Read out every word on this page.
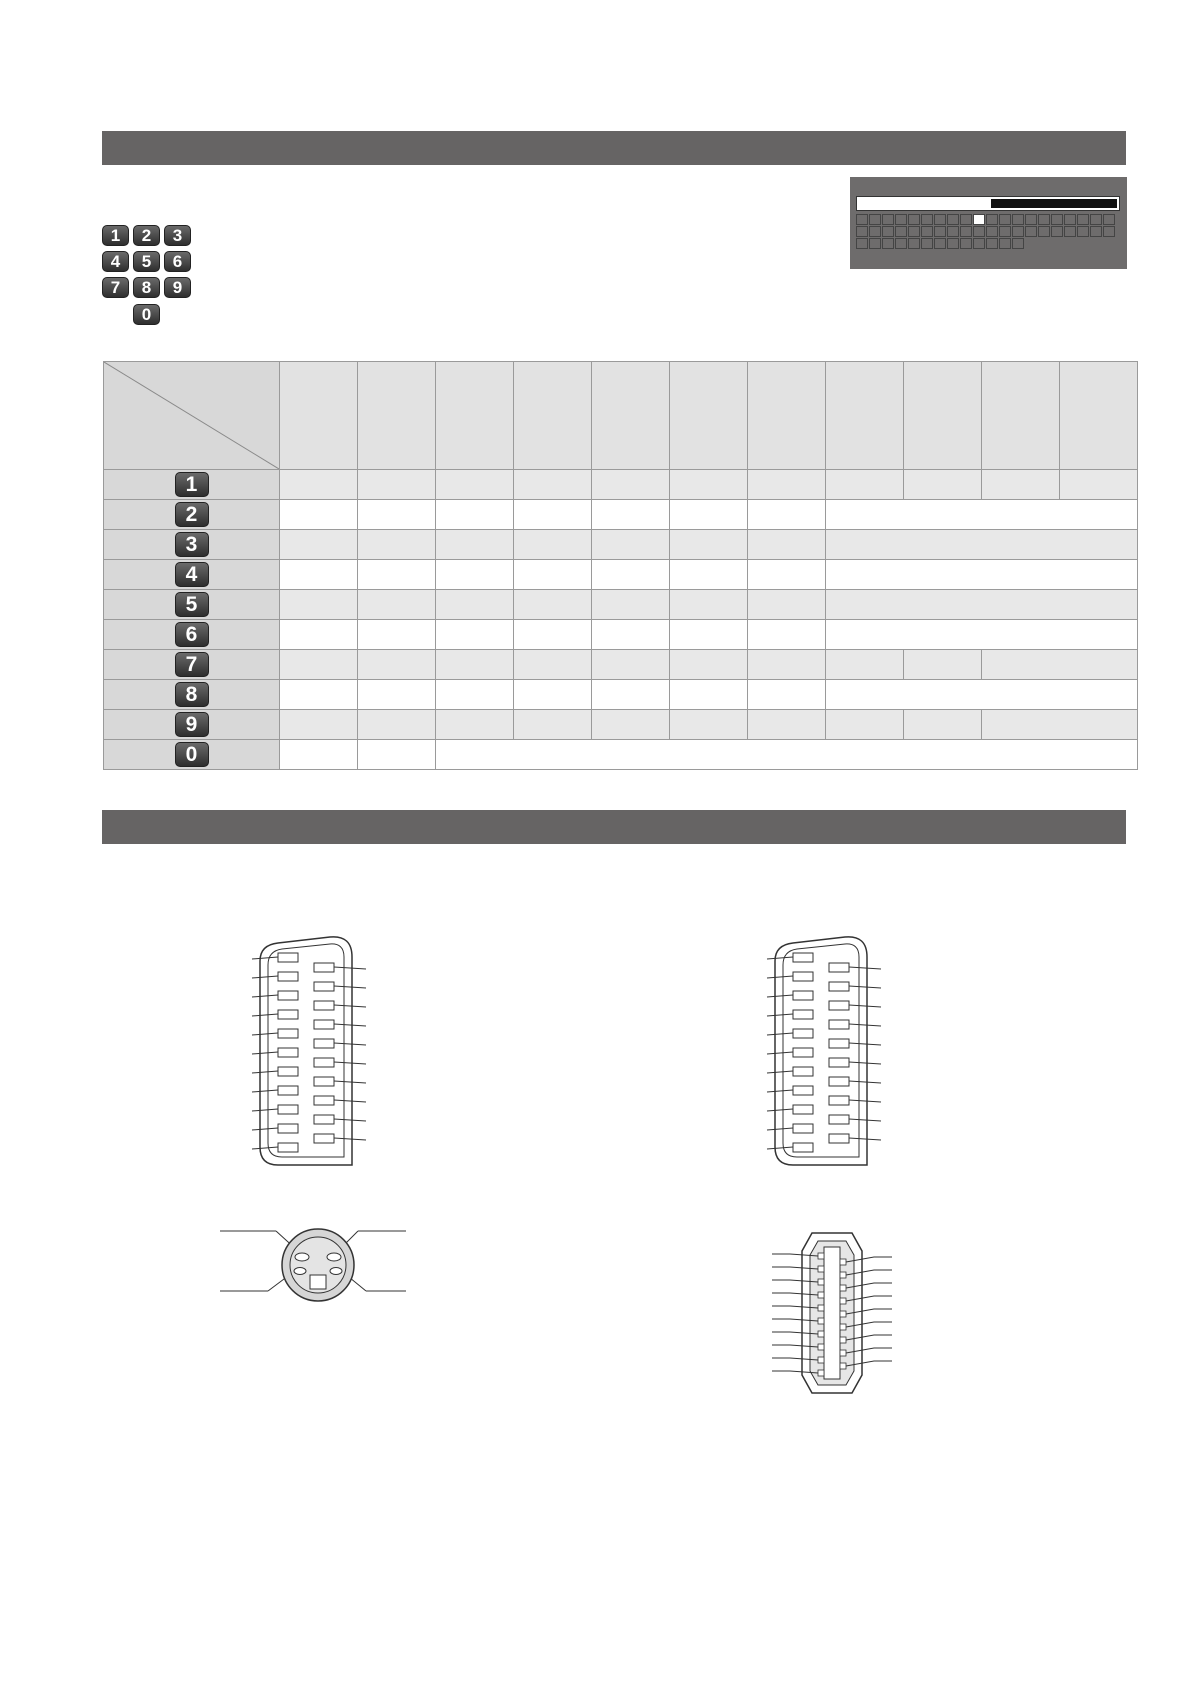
1	2	3
4	5	6
7	8	9
0

1											
2											
3											
4											
5											
6											
7											
8											
9											
0											
